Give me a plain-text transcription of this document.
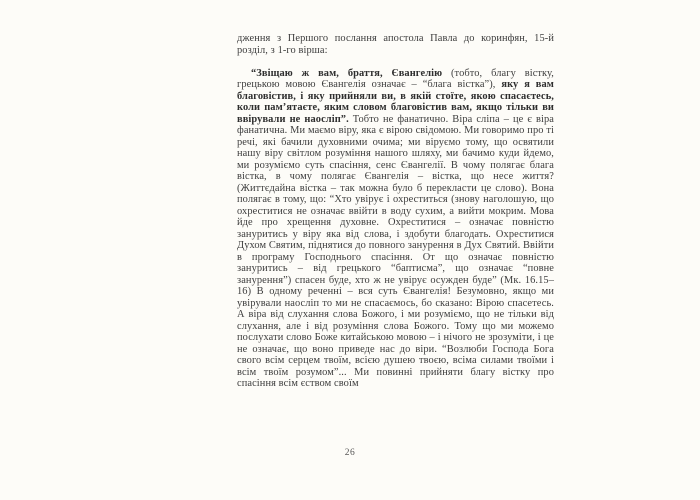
дження з Першого послання апостола Павла до коринфян, 15-й розділ, з 1-го вірша:

“Звіщаю ж вам, браття, Євангелію (тобто, благу вістку, грецькою мовою Євангелія означає – “блага вістка”), яку я вам благовістив, і яку прийняли ви, в якій стоїте, якою спасаєтесь, коли пам’ятаєте, яким словом благовістив вам, якщо тільки ви ввірували не наосліп”. Тобто не фанатично. Віра сліпа – це є віра фанатична. Ми маємо віру, яка є вірою свідомою. Ми говоримо про ті речі, які бачили духовними очима; ми віруємо тому, що освятили нашу віру світлом розуміння нашого шляху, ми бачимо куди йдемо, ми розуміємо суть спасіння, сенс Євангелії. В чому полягає блага вістка, в чому полягає Євангелія – вістка, що несе життя? (Життєдайна вістка – так можна було б перекласти це слово). Вона полягає в тому, що: “Хто увірує і охреститься (знову наголошую, що охреститися не означає ввійти в воду сухим, а вийти мокрим. Мова йде про хрещення духовне. Охреститися – означає повністю зануритись у віру яка від слова, і здобути благодать. Охреститися Духом Святим, піднятися до повного занурення в Дух Святий. Ввійти в програму Господнього спасіння. От що означає повністю зануритись – від грецького “баптисма”, що означає “повне занурення”) спасен буде, хто ж не увірує осужден буде” (Мк. 16.15–16) В одному реченні – вся суть Євангелія! Безумовно, якщо ми увірували наосліп то ми не спасаємось, бо сказано: Вірою спасетесь. А віра від слухання слова Божого, і ми розуміємо, що не тільки від слухання, але і від розуміння слова Божого. Тому що ми можемо послухати слово Боже китайською мовою – і нічого не зрозуміти, і це не означає, що воно приведе нас до віри. “Возлюби Господа Бога свого всім серцем твоїм, всією душею твоєю, всіма силами твоїми і всім твоїм розумом”... Ми повинні прийняти благу вістку про спасіння всім єством своїм

26
